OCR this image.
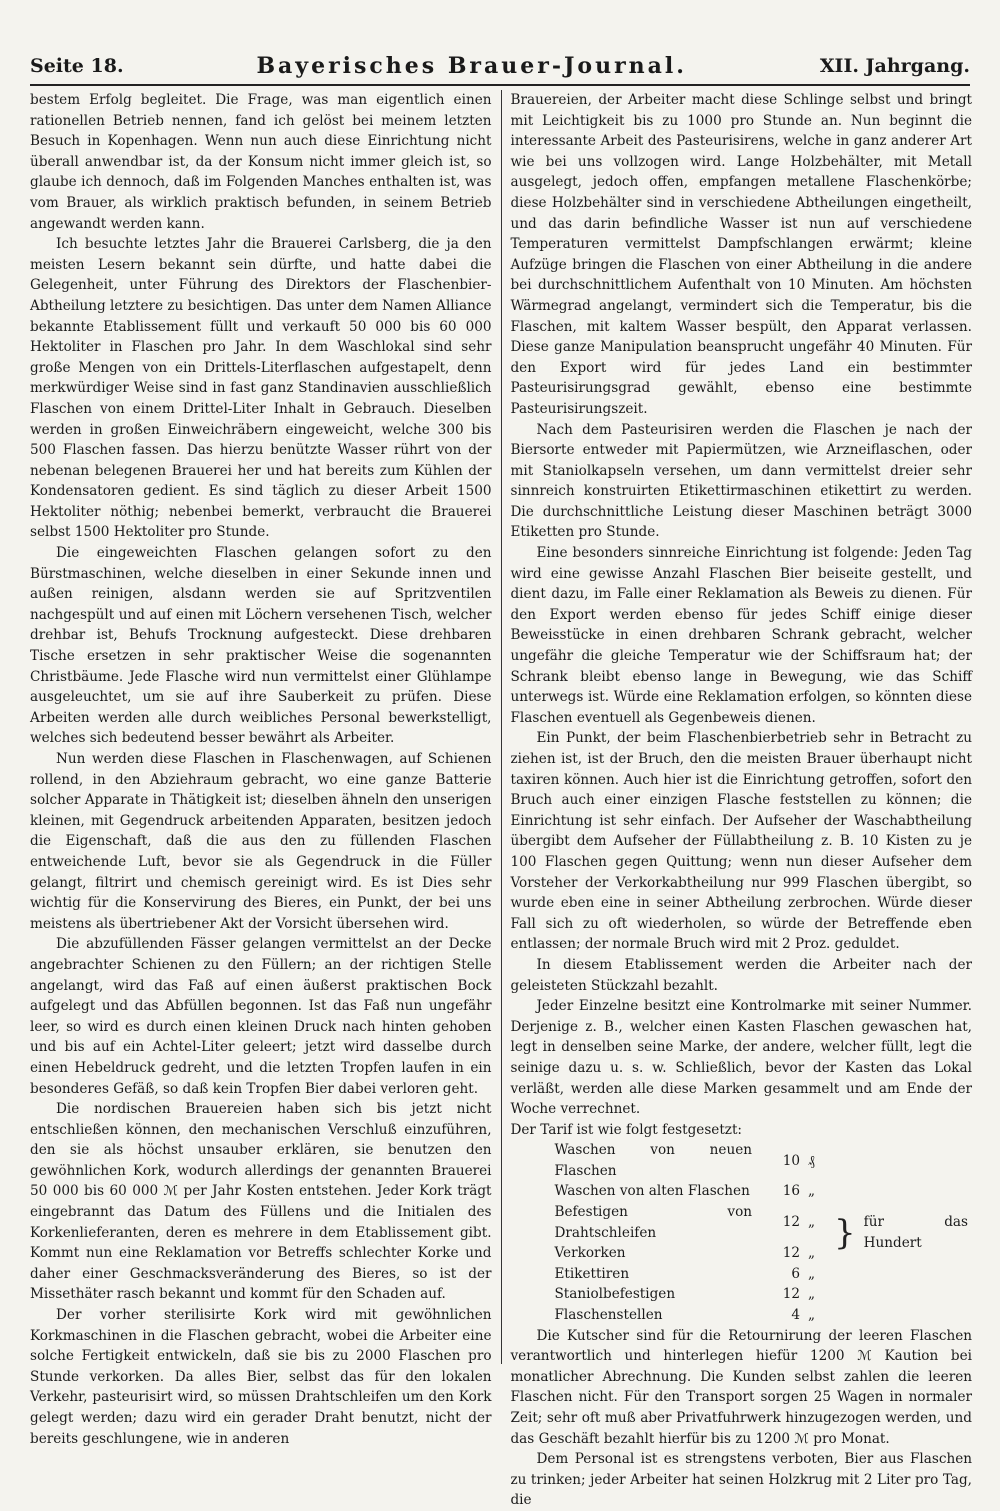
Seite 18.	Bayerisches Brauer-Journal.	XII. Jahrgang.

bestem Erfolg begleitet. Die Frage, was man eigentlich einen rationellen Betrieb nennen, fand ich gelöst bei meinem letzten Besuch in Kopenhagen. Wenn nun auch diese Einrichtung nicht überall anwendbar ist, da der Konsum nicht immer gleich ist, so glaube ich dennoch, daß im Folgenden Manches enthalten ist, was vom Brauer, als wirklich praktisch befunden, in seinem Betrieb angewandt werden kann.

Ich besuchte letztes Jahr die Brauerei Carlsberg, die ja den meisten Lesern bekannt sein dürfte, und hatte dabei die Gelegenheit, unter Führung des Direktors der Flaschenbier-Abtheilung letztere zu besichtigen. Das unter dem Namen Alliance bekannte Etablissement füllt und verkauft 50 000 bis 60 000 Hektoliter in Flaschen pro Jahr. In dem Waschlokal sind sehr große Mengen von ein Drittels-Literflaschen aufgestapelt, denn merkwürdiger Weise sind in fast ganz Standinavien ausschließlich Flaschen von einem Drittel-Liter Inhalt in Gebrauch. Dieselben werden in großen Einweichräbern eingeweicht, welche 300 bis 500 Flaschen fassen. Das hierzu benützte Wasser rührt von der nebenan belegenen Brauerei her und hat bereits zum Kühlen der Kondensatoren gedient. Es sind täglich zu dieser Arbeit 1500 Hektoliter nöthig; nebenbei bemerkt, verbraucht die Brauerei selbst 1500 Hektoliter pro Stunde.

Die eingeweichten Flaschen gelangen sofort zu den Bürstmaschinen, welche dieselben in einer Sekunde innen und außen reinigen, alsdann werden sie auf Spritzventilen nachgespült und auf einen mit Löchern versehenen Tisch, welcher drehbar ist, Behufs Trocknung aufgesteckt. Diese drehbaren Tische ersetzen in sehr praktischer Weise die sogenannten Christbäume. Jede Flasche wird nun vermittelst einer Glühlampe ausgeleuchtet, um sie auf ihre Sauberkeit zu prüfen. Diese Arbeiten werden alle durch weibliches Personal bewerkstelligt, welches sich bedeutend besser bewährt als Arbeiter.

Nun werden diese Flaschen in Flaschenwagen, auf Schienen rollend, in den Abziehraum gebracht, wo eine ganze Batterie solcher Apparate in Thätigkeit ist; dieselben ähneln den unserigen kleinen, mit Gegendruck arbeitenden Apparaten, besitzen jedoch die Eigenschaft, daß die aus den zu füllenden Flaschen entweichende Luft, bevor sie als Gegendruck in die Füller gelangt, filtrirt und chemisch gereinigt wird. Es ist Dies sehr wichtig für die Konservirung des Bieres, ein Punkt, der bei uns meistens als übertriebener Akt der Vorsicht übersehen wird.

Die abzufüllenden Fässer gelangen vermittelst an der Decke angebrachter Schienen zu den Füllern; an der richtigen Stelle angelangt, wird das Faß auf einen äußerst praktischen Bock aufgelegt und das Abfüllen begonnen. Ist das Faß nun ungefähr leer, so wird es durch einen kleinen Druck nach hinten gehoben und bis auf ein Achtel-Liter geleert; jetzt wird dasselbe durch einen Hebeldruck gedreht, und die letzten Tropfen laufen in ein besonderes Gefäß, so daß kein Tropfen Bier dabei verloren geht.

Die nordischen Brauereien haben sich bis jetzt nicht entschließen können, den mechanischen Verschluß einzuführen, den sie als höchst unsauber erklären, sie benutzen den gewöhnlichen Kork, wodurch allerdings der genannten Brauerei 50 000 bis 60 000 ℳ per Jahr Kosten entstehen. Jeder Kork trägt eingebrannt das Datum des Füllens und die Initialen des Korkenlieferanten, deren es mehrere in dem Etablissement gibt. Kommt nun eine Reklamation vor Betreffs schlechter Korke und daher einer Geschmacksveränderung des Bieres, so ist der Missethäter rasch bekannt und kommt für den Schaden auf.

Der vorher sterilisirte Kork wird mit gewöhnlichen Korkmaschinen in die Flaschen gebracht, wobei die Arbeiter eine solche Fertigkeit entwickeln, daß sie bis zu 2000 Flaschen pro Stunde verkorken. Da alles Bier, selbst das für den lokalen Verkehr, pasteurisirt wird, so müssen Drahtschleifen um den Kork gelegt werden; dazu wird ein gerader Draht benutzt, nicht der bereits geschlungene, wie in anderen

Brauereien, der Arbeiter macht diese Schlinge selbst und bringt mit Leichtigkeit bis zu 1000 pro Stunde an. Nun beginnt die interessante Arbeit des Pasteurisirens, welche in ganz anderer Art wie bei uns vollzogen wird. Lange Holzbehälter, mit Metall ausgelegt, jedoch offen, empfangen metallene Flaschenkörbe; diese Holzbehälter sind in verschiedene Abtheilungen eingetheilt, und das darin befindliche Wasser ist nun auf verschiedene Temperaturen vermittelst Dampfschlangen erwärmt; kleine Aufzüge bringen die Flaschen von einer Abtheilung in die andere bei durchschnittlichem Aufenthalt von 10 Minuten. Am höchsten Wärmegrad angelangt, vermindert sich die Temperatur, bis die Flaschen, mit kaltem Wasser bespült, den Apparat verlassen. Diese ganze Manipulation beansprucht ungefähr 40 Minuten. Für den Export wird für jedes Land ein bestimmter Pasteurisirungsgrad gewählt, ebenso eine bestimmte Pasteurisirungszeit.

Nach dem Pasteurisiren werden die Flaschen je nach der Biersorte entweder mit Papiermützen, wie Arzneiflaschen, oder mit Staniolkapseln versehen, um dann vermittelst dreier sehr sinnreich konstruirten Etikettirmaschinen etikettirt zu werden. Die durchschnittliche Leistung dieser Maschinen beträgt 3000 Etiketten pro Stunde.

Eine besonders sinnreiche Einrichtung ist folgende: Jeden Tag wird eine gewisse Anzahl Flaschen Bier beiseite gestellt, und dient dazu, im Falle einer Reklamation als Beweis zu dienen. Für den Export werden ebenso für jedes Schiff einige dieser Beweisstücke in einen drehbaren Schrank gebracht, welcher ungefähr die gleiche Temperatur wie der Schiffsraum hat; der Schrank bleibt ebenso lange in Bewegung, wie das Schiff unterwegs ist. Würde eine Reklamation erfolgen, so könnten diese Flaschen eventuell als Gegenbeweis dienen.

Ein Punkt, der beim Flaschenbierbetrieb sehr in Betracht zu ziehen ist, ist der Bruch, den die meisten Brauer überhaupt nicht taxiren können. Auch hier ist die Einrichtung getroffen, sofort den Bruch auch einer einzigen Flasche feststellen zu können; die Einrichtung ist sehr einfach. Der Aufseher der Waschabtheilung übergibt dem Aufseher der Füllabtheilung z. B. 10 Kisten zu je 100 Flaschen gegen Quittung; wenn nun dieser Aufseher dem Vorsteher der Verkorkabtheilung nur 999 Flaschen übergibt, so wurde eben eine in seiner Abtheilung zerbrochen. Würde dieser Fall sich zu oft wiederholen, so würde der Betreffende eben entlassen; der normale Bruch wird mit 2 Proz. geduldet.

In diesem Etablissement werden die Arbeiter nach der geleisteten Stückzahl bezahlt.

Jeder Einzelne besitzt eine Kontrolmarke mit seiner Nummer. Derjenige z. B., welcher einen Kasten Flaschen gewaschen hat, legt in denselben seine Marke, der andere, welcher füllt, legt die seinige dazu u. s. w. Schließlich, bevor der Kasten das Lokal verläßt, werden alle diese Marken gesammelt und am Ende der Woche verrechnet.

Der Tarif ist wie folgt festgesetzt:

Waschen von neuen Flaschen	10	₰	}	für das Hundert
Waschen von alten Flaschen	16	„		
Befestigen von Drahtschleifen	12	„		
Verkorken	12	„		
Etikettiren	6	„		
Staniolbefestigen	12	„		
Flaschenstellen	4	„		

Die Kutscher sind für die Retournirung der leeren Flaschen verantwortlich und hinterlegen hiefür 1200 ℳ Kaution bei monatlicher Abrechnung. Die Kunden selbst zahlen die leeren Flaschen nicht. Für den Transport sorgen 25 Wagen in normaler Zeit; sehr oft muß aber Privatfuhrwerk hinzugezogen werden, und das Geschäft bezahlt hierfür bis zu 1200 ℳ pro Monat.

Dem Personal ist es strengstens verboten, Bier aus Flaschen zu trinken; jeder Arbeiter hat seinen Holzkrug mit 2 Liter pro Tag, die
